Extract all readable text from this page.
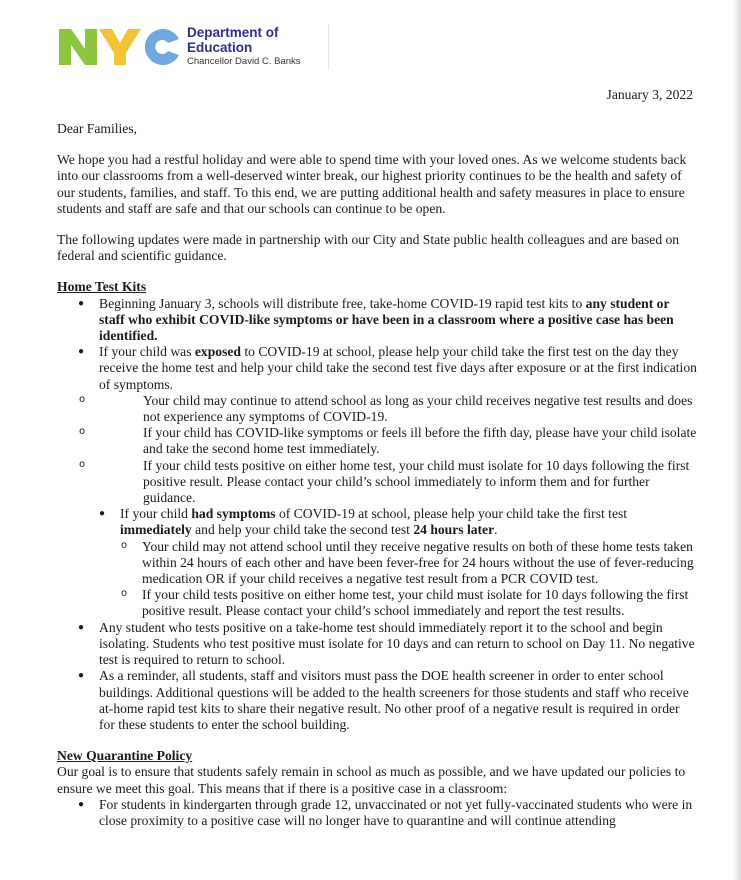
Department of
Education
Chancellor David C. Banks
January 3, 2022

Dear Families,

We hope you had a restful holiday and were able to spend time with your loved ones. As we welcome students back into our classrooms from a well-deserved winter break, our highest priority continues to be the health and safety of our students, families, and staff. To this end, we are putting additional health and safety measures in place to ensure students and staff are safe and that our schools can continue to be open.

The following updates were made in partnership with our City and State public health colleagues and are based on federal and scientific guidance.

Home Test Kits

● Beginning January 3, schools will distribute free, take-home COVID-19 rapid test kits to any student or staff who exhibit COVID-like symptoms or have been in a classroom where a positive case has been identified.
● If your child was exposed to COVID-19 at school, please help your child take the first test on the day they receive the home test and help your child take the second test five days after exposure or at the first indication of symptoms.
o Your child may continue to attend school as long as your child receives negative test results and does not experience any symptoms of COVID-19.
o If your child has COVID-like symptoms or feels ill before the fifth day, please have your child isolate and take the second home test immediately.
o If your child tests positive on either home test, your child must isolate for 10 days following the first positive result. Please contact your child’s school immediately to inform them and for further guidance.
● If your child had symptoms of COVID-19 at school, please help your child take the first test immediately and help your child take the second test 24 hours later.
o Your child may not attend school until they receive negative results on both of these home tests taken within 24 hours of each other and have been fever-free for 24 hours without the use of fever-reducing medication OR if your child receives a negative test result from a PCR COVID test.
o If your child tests positive on either home test, your child must isolate for 10 days following the first positive result. Please contact your child’s school immediately and report the test results.
● Any student who tests positive on a take-home test should immediately report it to the school and begin isolating. Students who test positive must isolate for 10 days and can return to school on Day 11. No negative test is required to return to school.
● As a reminder, all students, staff and visitors must pass the DOE health screener in order to enter school buildings. Additional questions will be added to the health screeners for those students and staff who receive at-home rapid test kits to share their negative result. No other proof of a negative result is required in order for these students to enter the school building.

New Quarantine Policy

Our goal is to ensure that students safely remain in school as much as possible, and we have updated our policies to ensure we meet this goal. This means that if there is a positive case in a classroom:

● For students in kindergarten through grade 12, unvaccinated or not yet fully-vaccinated students who were in close proximity to a positive case will no longer have to quarantine and will continue attending
